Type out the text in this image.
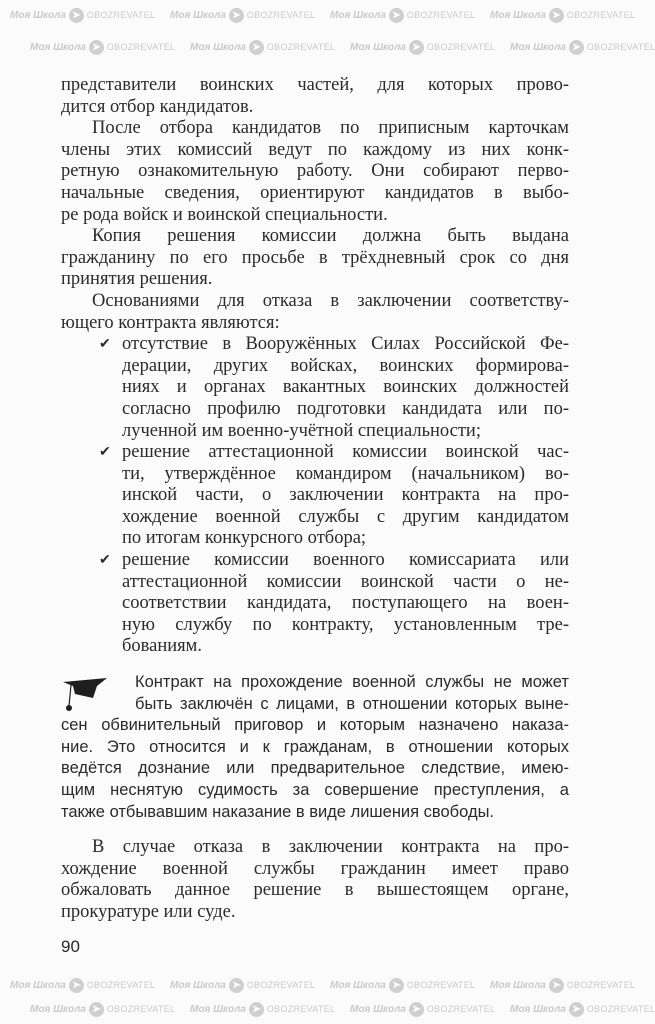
Моя Школа ➤ OBOZREVATEL Моя Школа ➤ OBOZREVATEL Моя Школа ➤ OBOZREVATEL Моя Школа ➤ OBOZREVATEL
Моя Школа ➤ OBOZREVATEL Моя Школа ➤ OBOZREVATEL Моя Школа ➤ OBOZREVATEL Моя Школа ➤ OBOZREVATEL
Моя Школа ➤ OBOZREVATEL Моя Школа ➤ OBOZREVATEL Моя Школа ➤ OBOZREVATEL Моя Школа ➤ OBOZREVATEL
Моя Школа ➤ OBOZREVATEL Моя Школа ➤ OBOZREVATEL Моя Школа ➤ OBOZREVATEL Моя Школа ➤ OBOZREVATEL
представители воинских частей, для которых прово-
дится отбор кандидатов.
После отбора кандидатов по приписным карточкам
члены этих комиссий ведут по каждому из них конк-
ретную ознакомительную работу. Они собирают перво-
начальные сведения, ориентируют кандидатов в выбо-
ре рода войск и воинской специальности.
Копия решения комиссии должна быть выдана
гражданину по его просьбе в трёхдневный срок со дня
принятия решения.
Основаниями для отказа в заключении соответству-
ющего контракта являются:
✔ отсутствие в Вооружённых Силах Российской Фе-
дерации, других войсках, воинских формирова-
ниях и органах вакантных воинских должностей
согласно профилю подготовки кандидата или по-
лученной им военно-учётной специальности;
✔ решение аттестационной комиссии воинской час-
ти, утверждённое командиром (начальником) во-
инской части, о заключении контракта на про-
хождение военной службы с другим кандидатом
по итогам конкурсного отбора;
✔ решение комиссии военного комиссариата или
аттестационной комиссии воинской части о не-
соответствии кандидата, поступающего на воен-
ную службу по контракту, установленным тре-
бованиям.
Контракт на прохождение военной службы не может
быть заключён с лицами, в отношении которых выне-
сен обвинительный приговор и которым назначено наказа-
ние. Это относится и к гражданам, в отношении которых
ведётся дознание или предварительное следствие, имею-
щим неснятую судимость за совершение преступления, а
также отбывавшим наказание в виде лишения свободы.
В случае отказа в заключении контракта на про-
хождение военной службы гражданин имеет право
обжаловать данное решение в вышестоящем органе,
прокуратуре или суде.
90
